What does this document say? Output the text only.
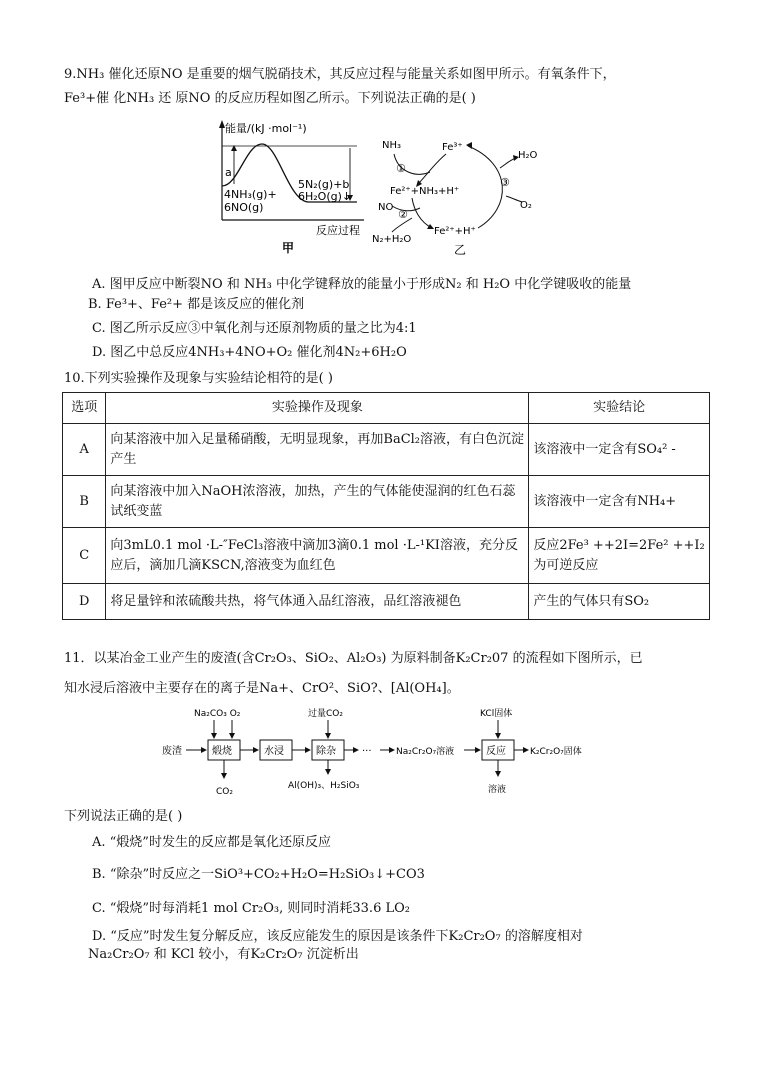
9.NH₃ 催化还原NO 是重要的烟气脱硝技术，其反应过程与能量关系如图甲所示。有氧条件下，
Fe³+催 化NH₃ 还 原NO 的反应历程如图乙所示。下列说法正确的是( )
能量/(kJ ·mol⁻¹)
a
4NH₃(g)+
6NO(g)
5N₂(g)+b
6H₂O(g)↓
反应过程
甲
NH₃	Fe³⁺
①
Fe²⁺+NH₃+H⁺
NO
②
N₂+H₂O
Fe²⁺+H⁺
③
H₂O
O₂
乙
A. 图甲反应中断裂NO 和 NH₃ 中化学键释放的能量小于形成N₂ 和 H₂O 中化学键吸收的能量
B. Fe³+、Fe²+ 都是该反应的催化剂
C. 图乙所示反应③中氧化剂与还原剂物质的量之比为4:1
D. 图乙中总反应4NH₃+4NO+O₂ 催化剂4N₂+6H₂O
10.下列实验操作及现象与实验结论相符的是( )
选项	实验操作及现象	实验结论
A	向某溶液中加入足量稀硝酸，无明显现象，再加BaCl₂溶液，有白色沉淀产生	该溶液中一定含有SO₄² -
B	向某溶液中加入NaOH浓溶液，加热，产生的气体能使湿润的红色石蕊试纸变蓝	该溶液中一定含有NH₄+
C	向3mL0.1 mol ·L-″FeCl₃溶液中滴加3滴0.1 mol ·L-¹KI溶液，充分反应后，滴加几滴KSCN,溶液变为血红色	反应2Fe³ ++2I=2Fe² ++I₂ 为可逆反应
D	将足量锌和浓硫酸共热，将气体通入品红溶液，品红溶液褪色	产生的气体只有SO₂
11．以某冶金工业产生的废渣(含Cr₂O₃、SiO₂、Al₂O₃) 为原料制备K₂Cr₂07 的流程如下图所示，已
知水浸后溶液中主要存在的离子是Na+、CrO²、SiO?、[Al(OH₄]。
废渣
Na₂CO₃ O₂
煅烧
CO₂
水浸
过量CO₂
除杂
Al(OH)₃、H₂SiO₃
···	Na₂Cr₂O₇溶液
KCl固体
反应
溶液
K₂Cr₂O₇固体
下列说法正确的是( )
A. “煅烧”时发生的反应都是氧化还原反应
B. “除杂”时反应之一SiO³+CO₂+H₂O=H₂SiO₃↓+CO3
C. “煅烧”时每消耗1 mol Cr₂O₃, 则同时消耗33.6 LO₂
D. “反应”时发生复分解反应，该反应能发生的原因是该条件下K₂Cr₂O₇ 的溶解度相对
Na₂Cr₂O₇ 和 KCl 较小，有K₂Cr₂O₇ 沉淀析出
